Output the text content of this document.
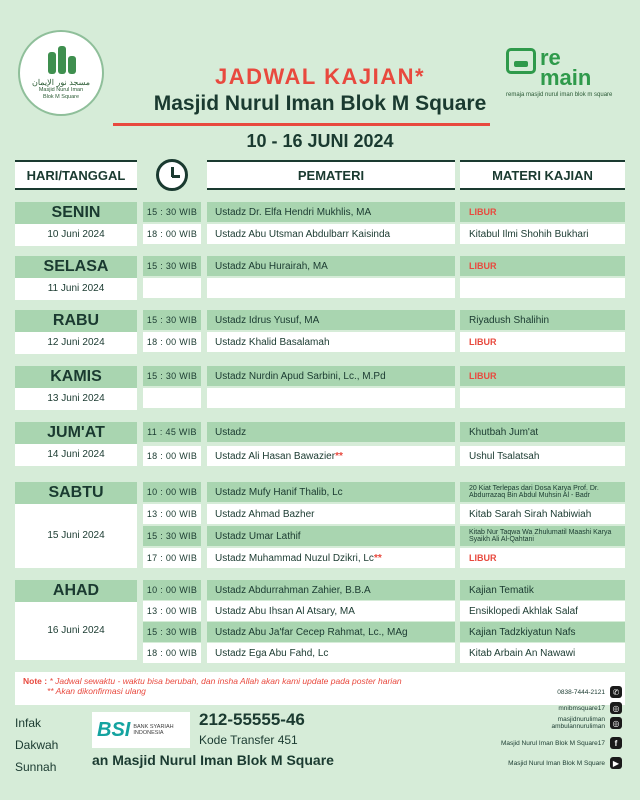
مسجد نور الإيمان
Masjid Nurul Iman
Blok M Square
re
main
remaja masjid nurul iman blok m square
JADWAL KAJIAN*
Masjid Nurul Iman Blok M Square
10 - 16 JUNI 2024
HARI/TANGGAL	PEMATERI	MATERI KAJIAN
SENIN
10 Juni 2024
15 : 30 WIB	Ustadz Dr. Elfa Hendri Mukhlis, MA	LIBUR
18 : 00 WIB	Ustadz Abu Utsman Abdulbarr Kaisinda	Kitabul Ilmi Shohih Bukhari
SELASA
11 Juni 2024
15 : 30 WIB	Ustadz Abu Hurairah, MA	LIBUR
RABU
12 Juni 2024
15 : 30 WIB	Ustadz Idrus Yusuf, MA	Riyadush Shalihin
18 : 00 WIB	Ustadz Khalid Basalamah	LIBUR
KAMIS
13 Juni 2024
15 : 30 WIB	Ustadz Nurdin Apud Sarbini, Lc., M.Pd	LIBUR
JUM'AT
14 Juni 2024
11 : 45 WIB	Ustadz	Khutbah Jum'at
18 : 00 WIB	Ustadz Ali Hasan Bawazier **	Ushul Tsalatsah
SABTU
15 Juni 2024
10 : 00 WIB	Ustadz Mufy Hanif Thalib, Lc	20 Kiat Terlepas dari Dosa Karya Prof. Dr. Abdurrazaq Bin Abdul Muhsin Al - Badr
13 : 00 WIB	Ustadz Ahmad Bazher	Kitab Sarah Sirah Nabiwiah
15 : 30 WIB	Ustadz Umar Lathif	Kitab Nur Taqwa Wa Zhulumatil Maashi Karya Syaikh Ali Al-Qahtani
17 : 00 WIB	Ustadz Muhammad Nuzul Dzikri, Lc **	LIBUR
AHAD
16 Juni 2024
10 : 00 WIB	Ustadz Abdurrahman Zahier, B.B.A	Kajian Tematik
13 : 00 WIB	Ustadz Abu Ihsan Al Atsary, MA	Ensiklopedi Akhlak Salaf
15 : 30 WIB	Ustadz Abu Ja'far Cecep Rahmat, Lc., MAg	Kajian Tadzkiyatun Nafs
18 : 00 WIB	Ustadz Ega Abu Fahd, Lc	Kitab Arbain An Nawawi
Note : * Jadwal sewaktu - waktu bisa berubah, dan insha Allah akan kami update pada poster harian
** Akan dikonfirmasi ulang
Infak
Dakwah
Sunnah
BSI BANK SYARIAH INDONESIA
212-55555-46
Kode Transfer 451
an Masjid Nurul Iman Blok M Square
0838-7444-2121 ✆
mnibmsquare17 ◎
masjidnuruliman
ambulannuruliman ◎
Masjid Nurul Iman Blok M Square17	f
Masjid Nurul Iman Blok M Square ▶
